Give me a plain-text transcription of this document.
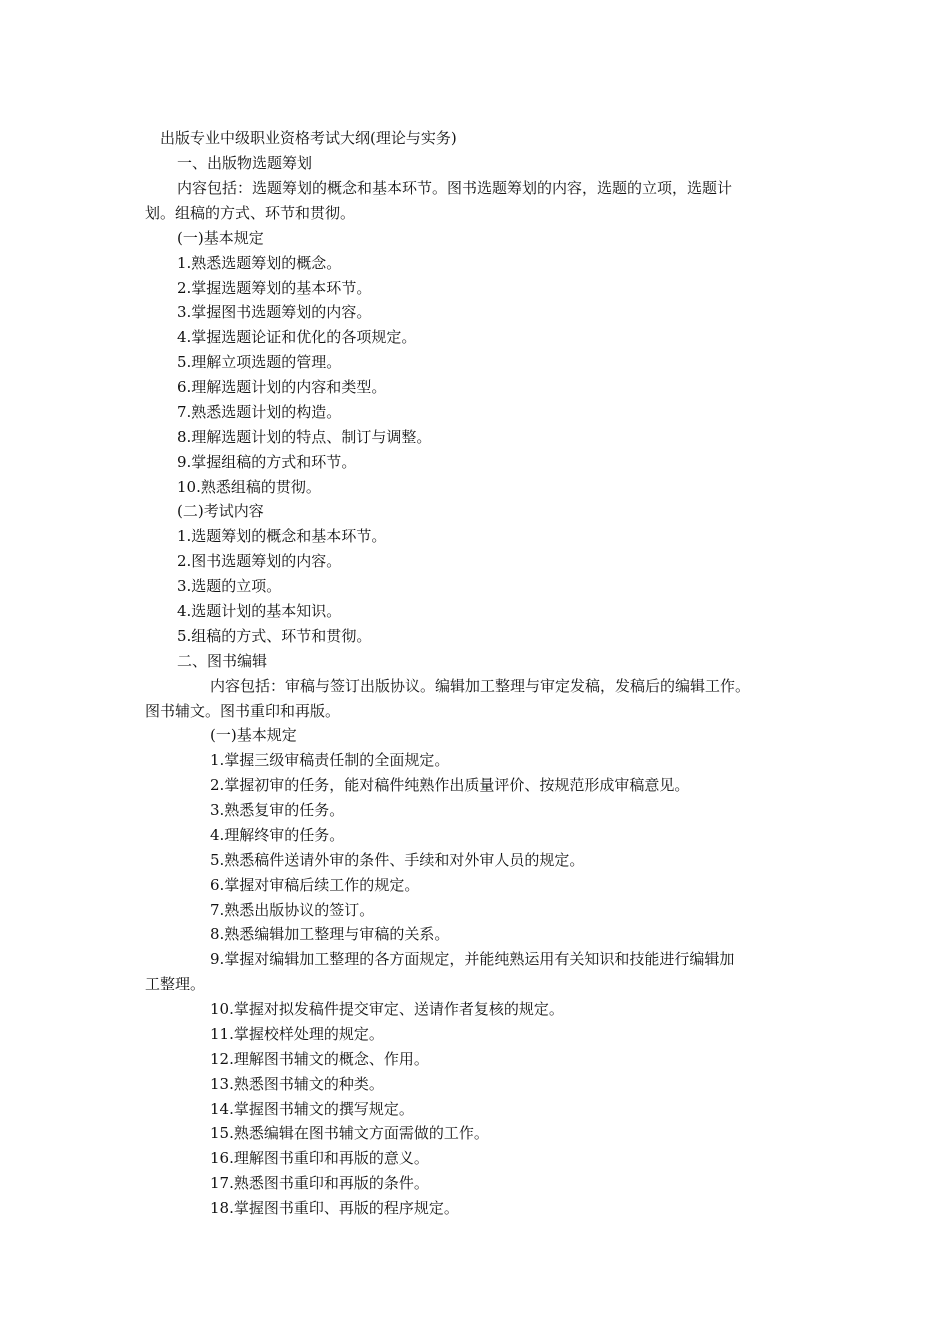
出版专业中级职业资格考试大纲(理论与实务)
一、出版物选题筹划
内容包括：选题筹划的概念和基本环节。图书选题筹划的内容，选题的立项，选题计
划。组稿的方式、环节和贯彻。
(一)基本规定
1.熟悉选题筹划的概念。
2.掌握选题筹划的基本环节。
3.掌握图书选题筹划的内容。
4.掌握选题论证和优化的各项规定。
5.理解立项选题的管理。
6.理解选题计划的内容和类型。
7.熟悉选题计划的构造。
8.理解选题计划的特点、制订与调整。
9.掌握组稿的方式和环节。
10.熟悉组稿的贯彻。
(二)考试内容
1.选题筹划的概念和基本环节。
2.图书选题筹划的内容。
3.选题的立项。
4.选题计划的基本知识。
5.组稿的方式、环节和贯彻。
二、图书编辑
内容包括：审稿与签订出版协议。编辑加工整理与审定发稿，发稿后的编辑工作。
图书辅文。图书重印和再版。
(一)基本规定
1.掌握三级审稿责任制的全面规定。
2.掌握初审的任务，能对稿件纯熟作出质量评价、按规范形成审稿意见。
3.熟悉复审的任务。
4.理解终审的任务。
5.熟悉稿件送请外审的条件、手续和对外审人员的规定。
6.掌握对审稿后续工作的规定。
7.熟悉出版协议的签订。
8.熟悉编辑加工整理与审稿的关系。
9.掌握对编辑加工整理的各方面规定，并能纯熟运用有关知识和技能进行编辑加
工整理。
10.掌握对拟发稿件提交审定、送请作者复核的规定。
11.掌握校样处理的规定。
12.理解图书辅文的概念、作用。
13.熟悉图书辅文的种类。
14.掌握图书辅文的撰写规定。
15.熟悉编辑在图书辅文方面需做的工作。
16.理解图书重印和再版的意义。
17.熟悉图书重印和再版的条件。
18.掌握图书重印、再版的程序规定。
